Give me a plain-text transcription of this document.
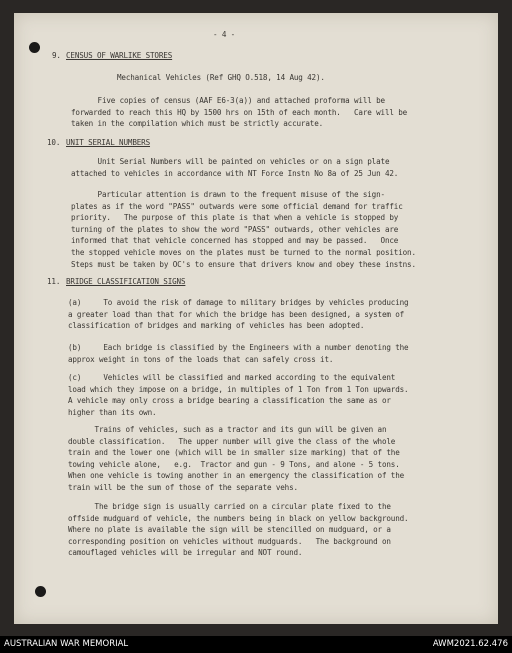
- 4 -
9. CENSUS OF WARLIKE STORES
Mechanical Vehicles (Ref GHQ O.518, 14 Aug 42).
Five copies of census (AAF E6-3(a)) and attached proforma will be
forwarded to reach this HQ by 1500 hrs on 15th of each month.   Care will be
taken in the compilation which must be strictly accurate.
10. UNIT SERIAL NUMBERS
Unit Serial Numbers will be painted on vehicles or on a sign plate
attached to vehicles in accordance with NT Force Instn No 8a of 25 Jun 42.
Particular attention is drawn to the frequent misuse of the sign-
plates as if the word "PASS" outwards were some official demand for traffic
priority.   The purpose of this plate is that when a vehicle is stopped by
turning of the plates to show the word "PASS" outwards, other vehicles are
informed that that vehicle concerned has stopped and may be passed.   Once
the stopped vehicle moves on the plates must be turned to the normal position.
Steps must be taken by OC's to ensure that drivers know and obey these instns.
11. BRIDGE CLASSIFICATION SIGNS
(a)     To avoid the risk of damage to military bridges by vehicles producing
a greater load than that for which the bridge has been designed, a system of
classification of bridges and marking of vehicles has been adopted.
(b)     Each bridge is classified by the Engineers with a number denoting the
approx weight in tons of the loads that can safely cross it.
(c)     Vehicles will be classified and marked according to the equivalent
load which they impose on a bridge, in multiples of 1 Ton from 1 Ton upwards.
A vehicle may only cross a bridge bearing a classification the same as or
higher than its own.
Trains of vehicles, such as a tractor and its gun will be given an
double classification.   The upper number will give the class of the whole
train and the lower one (which will be in smaller size marking) that of the
towing vehicle alone,   e.g.  Tractor and gun - 9 Tons, and alone - 5 tons.
When one vehicle is towing another in an emergency the classification of the
train will be the sum of those of the separate vehs.
The bridge sign is usually carried on a circular plate fixed to the
offside mudguard of vehicle, the numbers being in black on yellow background.
Where no plate is available the sign will be stencilled on mudguard, or a
corresponding position on vehicles without mudguards.   The background on
camouflaged vehicles will be irregular and NOT round.
AUSTRALIAN WAR MEMORIAL	AWM2021.62.476
